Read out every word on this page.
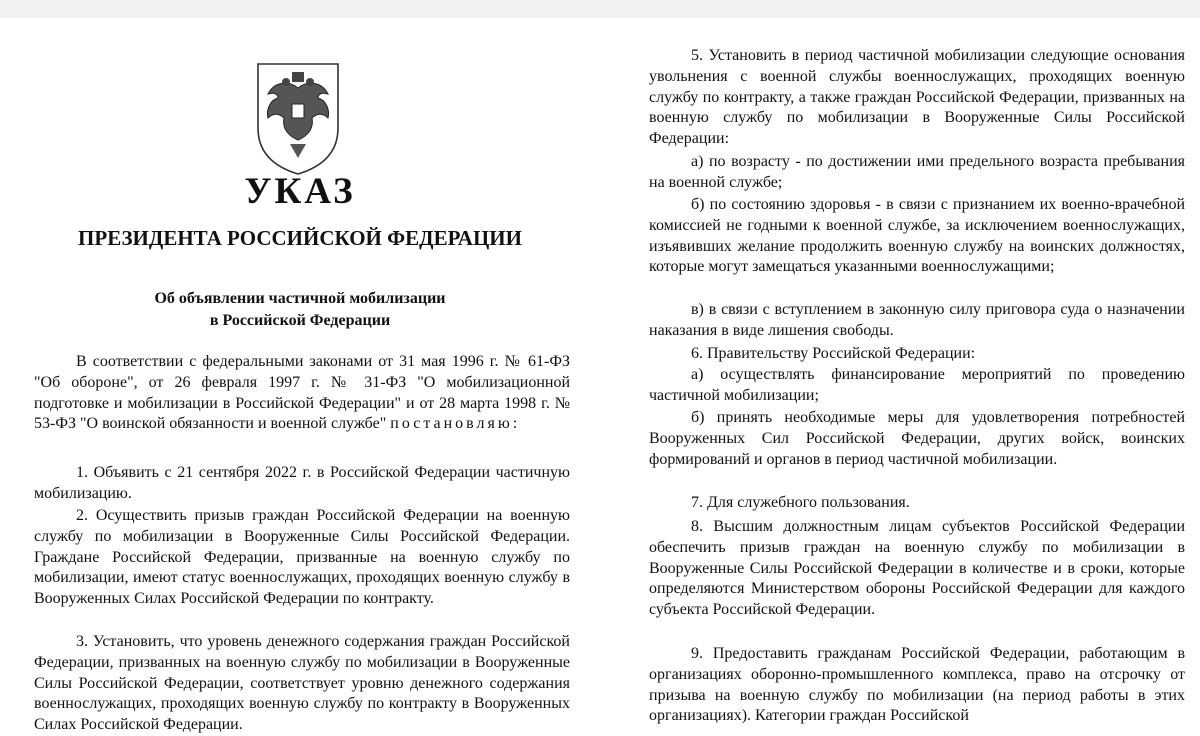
УКАЗ
ПРЕЗИДЕНТА РОССИЙСКОЙ ФЕДЕРАЦИИ
Об объявлении частичной мобилизации
в Российской Федерации

В соответствии с федеральными законами от 31 мая 1996 г. № 61-ФЗ "Об обороне", от 26 февраля 1997 г. № 31-ФЗ "О мобилизационной подготовке и мобилизации в Российской Федерации" и от 28 марта 1998 г. № 53-ФЗ "О воинской обязанности и военной службе" постановляю:

1. Объявить с 21 сентября 2022 г. в Российской Федерации частичную мобилизацию.

2. Осуществить призыв граждан Российской Федерации на военную службу по мобилизации в Вооруженные Силы Российской Федерации. Граждане Российской Федерации, призванные на военную службу по мобилизации, имеют статус военнослужащих, проходящих военную службу в Вооруженных Силах Российской Федерации по контракту.

3. Установить, что уровень денежного содержания граждан Российской Федерации, призванных на военную службу по мобилизации в Вооруженные Силы Российской Федерации, соответствует уровню денежного содержания военнослужащих, проходящих военную службу по контракту в Вооруженных Силах Российской Федерации.

5. Установить в период частичной мобилизации следующие основания увольнения с военной службы военнослужащих, проходящих военную службу по контракту, а также граждан Российской Федерации, призванных на военную службу по мобилизации в Вооруженные Силы Российской Федерации:

а) по возрасту - по достижении ими предельного возраста пребывания на военной службе;

б) по состоянию здоровья - в связи с признанием их военно-врачебной комиссией не годными к военной службе, за исключением военнослужащих, изъявивших желание продолжить военную службу на воинских должностях, которые могут замещаться указанными военнослужащими;

в) в связи с вступлением в законную силу приговора суда о назначении наказания в виде лишения свободы.

6. Правительству Российской Федерации:

а) осуществлять финансирование мероприятий по проведению частичной мобилизации;

б) принять необходимые меры для удовлетворения потребностей Вооруженных Сил Российской Федерации, других войск, воинских формирований и органов в период частичной мобилизации.

7. Для служебного пользования.

8. Высшим должностным лицам субъектов Российской Федерации обеспечить призыв граждан на военную службу по мобилизации в Вооруженные Силы Российской Федерации в количестве и в сроки, которые определяются Министерством обороны Российской Федерации для каждого субъекта Российской Федерации.

9. Предоставить гражданам Российской Федерации, работающим в организациях оборонно-промышленного комплекса, право на отсрочку от призыва на военную службу по мобилизации (на период работы в этих организациях). Категории граждан Российской
